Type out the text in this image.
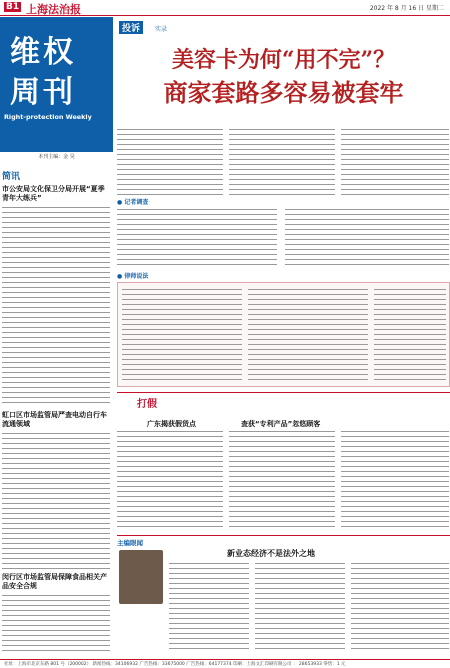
B1 上海法治报	2022 年 8 月 16 日 星期二
维权
周刊
Right-protection Weekly
本刊主编：金 昊
简讯
市公安局文化保卫分局开展“夏季青年大练兵”
虹口区市场监管局严查电动自行车流通领域
闵行区市场监管局保障食品相关产品安全合规
投诉	实录
美容卡为何“用不完”？
商家套路多容易被套牢
● 记者调查
● 律师说法
打假
广东揭获假货点	查获“专利产品”忽悠顾客
主编眼闻
新业态经济不是法外之地
社址：上海市北京东路 801 号（200002） 新闻热线：34106932 广告热线：33675000 广告热线：64177374 印刷：上海文汇印刷有限公司 ： 28653933 零售：1 元
